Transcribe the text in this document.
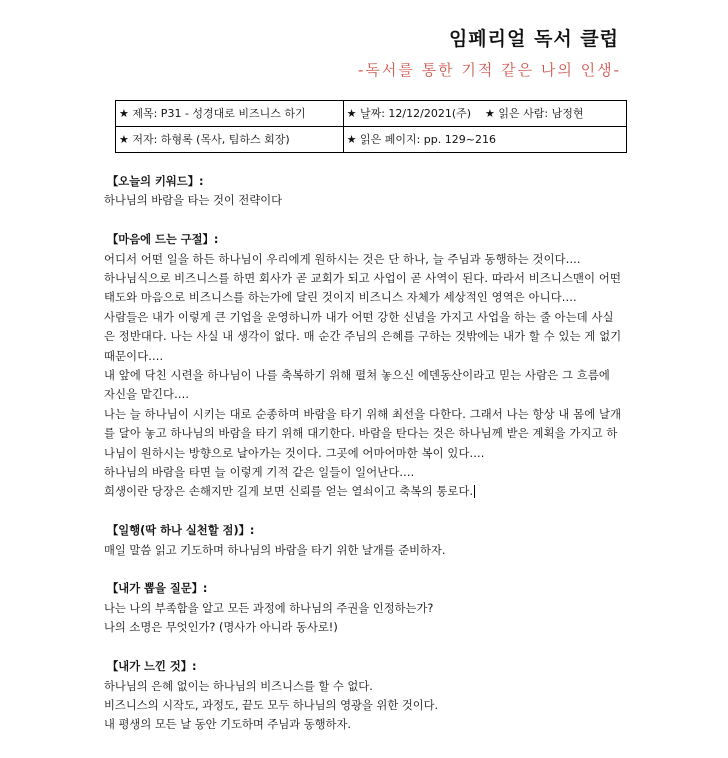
임페리얼 독서 클럽
-독서를 통한 기적 같은 나의 인생-
★ 제목: P31 - 성경대로 비즈니스 하기	★ 날짜: 12/12/2021(주) ★ 읽은 사람: 남정현
★ 저자: 하형록 (목사, 팀하스 회장)	★ 읽은 페이지: pp. 129~216
【오늘의 키워드】:
하나님의 바람을 타는 것이 전략이다
【마음에 드는 구절】:
어디서 어떤 일을 하든 하나님이 우리에게 원하시는 것은 단 하나, 늘 주님과 동행하는 것이다....
하나님식으로 비즈니스를 하면 회사가 곧 교회가 되고 사업이 곧 사역이 된다. 따라서 비즈니스맨이 어떤 태도와 마음으로 비즈니스를 하는가에 달린 것이지 비즈니스 자체가 세상적인 영역은 아니다....
사람들은 내가 이렇게 큰 기업을 운영하니까 내가 어떤 강한 신념을 가지고 사업을 하는 줄 아는데 사실은 정반대다. 나는 사실 내 생각이 없다. 매 순간 주님의 은혜를 구하는 것밖에는 내가 할 수 있는 게 없기 때문이다....
내 앞에 닥친 시련을 하나님이 나를 축복하기 위해 펼쳐 놓으신 에덴동산이라고 믿는 사람은 그 흐름에 자신을 맡긴다....
나는 늘 하나님이 시키는 대로 순종하며 바람을 타기 위해 최선을 다한다. 그래서 나는 항상 내 몸에 날개를 달아 놓고 하나님의 바람을 타기 위해 대기한다. 바람을 탄다는 것은 하나님께 받은 계획을 가지고 하나님이 원하시는 방향으로 날아가는 것이다. 그곳에 어마어마한 복이 있다....
하나님의 바람을 타면 늘 이렇게 기적 같은 일들이 일어난다....
희생이란 당장은 손해지만 길게 보면 신뢰를 얻는 열쇠이고 축복의 통로다.
【일행(딱 하나 실천할 점)】:
매일 말씀 읽고 기도하며 하나님의 바람을 타기 위한 날개를 준비하자.
【내가 뽑을 질문】:
나는 나의 부족함을 알고 모든 과정에 하나님의 주권을 인정하는가?
나의 소명은 무엇인가? (명사가 아니라 동사로!)
【내가 느낀 것】:
하나님의 은혜 없이는 하나님의 비즈니스를 할 수 없다.
비즈니스의 시작도, 과정도, 끝도 모두 하나님의 영광을 위한 것이다.
내 평생의 모든 날 동안 기도하며 주님과 동행하자.
